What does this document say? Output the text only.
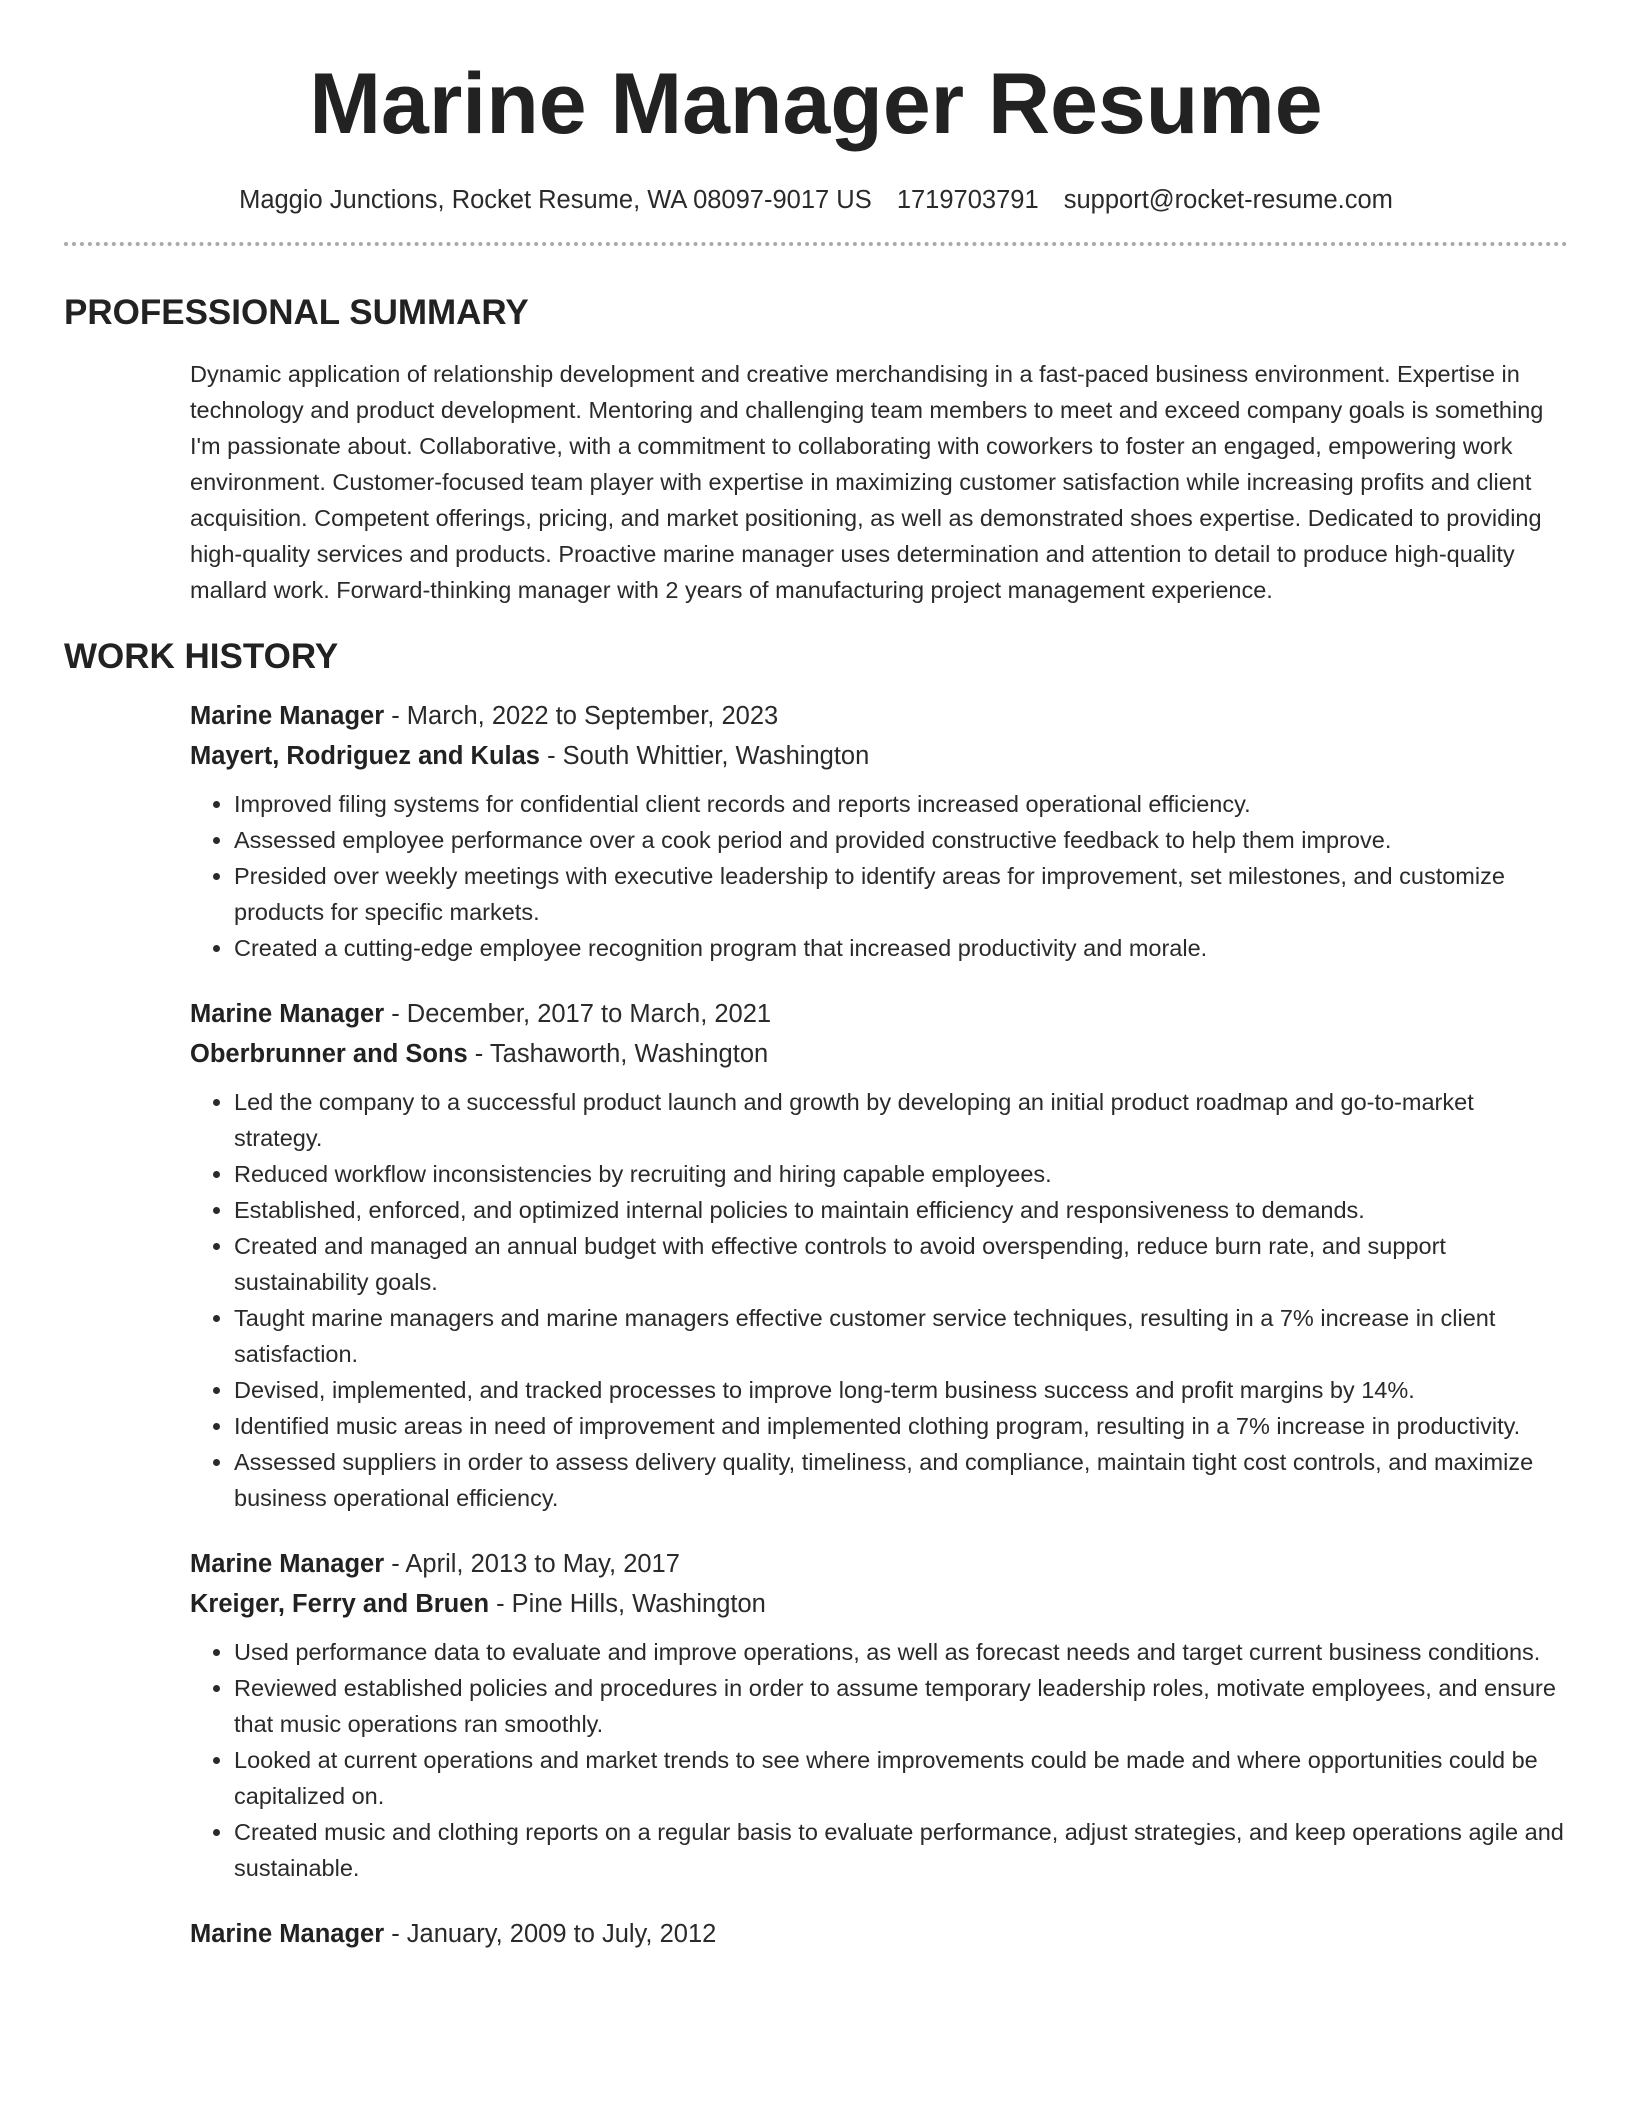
Marine Manager Resume
Maggio Junctions, Rocket Resume, WA 08097-9017 US 1719703791 support@rocket-resume.com
PROFESSIONAL SUMMARY

Dynamic application of relationship development and creative merchandising in a fast-paced business environment. Expertise in technology and product development. Mentoring and challenging team members to meet and exceed company goals is something I'm passionate about. Collaborative, with a commitment to collaborating with coworkers to foster an engaged, empowering work environment. Customer-focused team player with expertise in maximizing customer satisfaction while increasing profits and client acquisition. Competent offerings, pricing, and market positioning, as well as demonstrated shoes expertise. Dedicated to providing high-quality services and products. Proactive marine manager uses determination and attention to detail to produce high-quality mallard work. Forward-thinking manager with 2 years of manufacturing project management experience.

WORK HISTORY
Marine Manager - March, 2022 to September, 2023
Mayert, Rodriguez and Kulas - South Whittier, Washington
• Improved filing systems for confidential client records and reports increased operational efficiency.
• Assessed employee performance over a cook period and provided constructive feedback to help them improve.
• Presided over weekly meetings with executive leadership to identify areas for improvement, set milestones, and customize products for specific markets.
• Created a cutting-edge employee recognition program that increased productivity and morale.
Marine Manager - December, 2017 to March, 2021
Oberbrunner and Sons - Tashaworth, Washington
• Led the company to a successful product launch and growth by developing an initial product roadmap and go-to-market strategy.
• Reduced workflow inconsistencies by recruiting and hiring capable employees.
• Established, enforced, and optimized internal policies to maintain efficiency and responsiveness to demands.
• Created and managed an annual budget with effective controls to avoid overspending, reduce burn rate, and support sustainability goals.
• Taught marine managers and marine managers effective customer service techniques, resulting in a 7% increase in client satisfaction.
• Devised, implemented, and tracked processes to improve long-term business success and profit margins by 14%.
• Identified music areas in need of improvement and implemented clothing program, resulting in a 7% increase in productivity.
• Assessed suppliers in order to assess delivery quality, timeliness, and compliance, maintain tight cost controls, and maximize business operational efficiency.
Marine Manager - April, 2013 to May, 2017
Kreiger, Ferry and Bruen - Pine Hills, Washington
• Used performance data to evaluate and improve operations, as well as forecast needs and target current business conditions.
• Reviewed established policies and procedures in order to assume temporary leadership roles, motivate employees, and ensure that music operations ran smoothly.
• Looked at current operations and market trends to see where improvements could be made and where opportunities could be capitalized on.
• Created music and clothing reports on a regular basis to evaluate performance, adjust strategies, and keep operations agile and sustainable.
Marine Manager - January, 2009 to July, 2012
